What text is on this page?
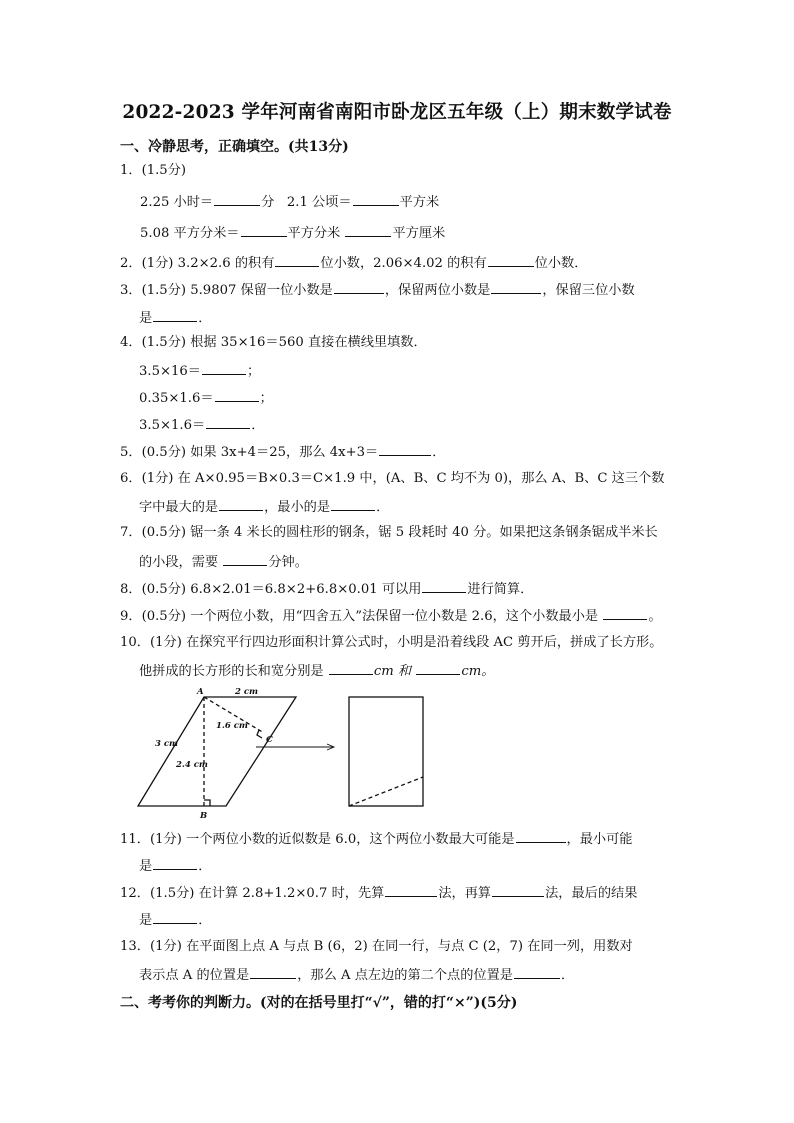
2022-2023 学年河南省南阳市卧龙区五年级（上）期末数学试卷
一、冷静思考，正确填空。(共13分)
1．(1.5分)
2.25 小时＝	分 2.1 公顷＝	平方米
5.08 平方分米＝	平方分米	平方厘米
2．(1分) 3.2×2.6 的积有	位小数，2.06×4.02 的积有	位小数．
3．(1.5分) 5.9807 保留一位小数是	，保留两位小数是	，保留三位小数
是	．
4．(1.5分) 根据 35×16＝560 直接在横线里填数．
3.5×16＝	；
0.35×1.6＝	；
3.5×1.6＝	．
5．(0.5分) 如果 3x+4＝25，那么 4x+3＝	．
6．(1分) 在 A×0.95＝B×0.3＝C×1.9 中，(A、B、C 均不为 0)，那么 A、B、C 这三个数
字中最大的是	，最小的是	．
7．(0.5分) 锯一条 4 米长的圆柱形的钢条，锯 5 段耗时 40 分。如果把这条钢条锯成半米长
的小段，需要	分钟。
8．(0.5分) 6.8×2.01＝6.8×2+6.8×0.01 可以用	进行简算．
9．(0.5分) 一个两位小数，用“四舍五入”法保留一位小数是 2.6，这个小数最小是	。
10．(1分) 在探究平行四边形面积计算公式时，小明是沿着线段 AC 剪开后，拼成了长方形。
他拼成的长方形的长和宽分别是	cm 和	cm。
A
B
C
2 cm
3 cm
2.4 cm
1.6 cm
11．(1分) 一个两位小数的近似数是 6.0，这个两位小数最大可能是	，最小可能
是	．
12．(1.5分) 在计算 2.8+1.2×0.7 时，先算	法，再算	法，最后的结果
是	．
13．(1分) 在平面图上点 A 与点 B (6，2) 在同一行，与点 C (2，7) 在同一列，用数对
表示点 A 的位置是	，那么 A 点左边的第二个点的位置是	．
二、考考你的判断力。(对的在括号里打“√”，错的打“×”)(5分)
